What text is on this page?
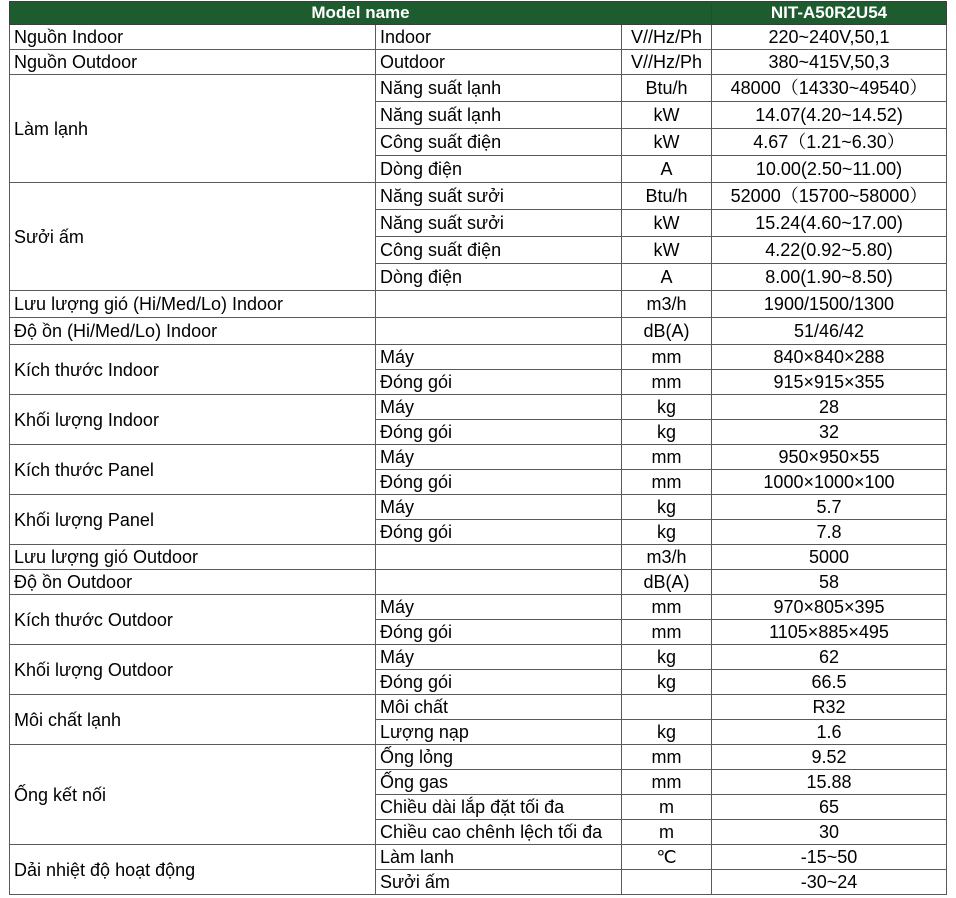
Model name			NIT-A50R2U54
Nguồn Indoor	Indoor	V//Hz/Ph	220~240V,50,1
Nguồn Outdoor	Outdoor	V//Hz/Ph	380~415V,50,3
Làm lạnh	Năng suất lạnh	Btu/h	48000（14330~49540）
	Năng suất lạnh	kW	14.07(4.20~14.52)
	Công suất điện	kW	4.67（1.21~6.30）
	Dòng điện	A	10.00(2.50~11.00)
Sưởi ấm	Năng suất sưởi	Btu/h	52000（15700~58000）
	Năng suất sưởi	kW	15.24(4.60~17.00)
	Công suất điện	kW	4.22(0.92~5.80)
	Dòng điện	A	8.00(1.90~8.50)
Lưu lượng gió (Hi/Med/Lo) Indoor		m3/h	1900/1500/1300
Độ ồn (Hi/Med/Lo) Indoor		dB(A)	51/46/42
Kích thước Indoor	Máy	mm	840×840×288
	Đóng gói	mm	915×915×355
Khối lượng Indoor	Máy	kg	28
	Đóng gói	kg	32
Kích thước Panel	Máy	mm	950×950×55
	Đóng gói	mm	1000×1000×100
Khối lượng Panel	Máy	kg	5.7
	Đóng gói	kg	7.8
Lưu lượng gió Outdoor		m3/h	5000
Độ ồn Outdoor		dB(A)	58
Kích thước Outdoor	Máy	mm	970×805×395
	Đóng gói	mm	1105×885×495
Khối lượng Outdoor	Máy	kg	62
	Đóng gói	kg	66.5
Môi chất lạnh	Môi chất		R32
	Lượng nạp	kg	1.6
Ống kết nối	Ống lỏng	mm	9.52
	Ống gas	mm	15.88
	Chiều dài lắp đặt tối đa	m	65
	Chiều cao chênh lệch tối đa	m	30
Dải nhiệt độ hoạt động	Làm lanh	℃	-15~50
	Sưởi ấm		-30~24
